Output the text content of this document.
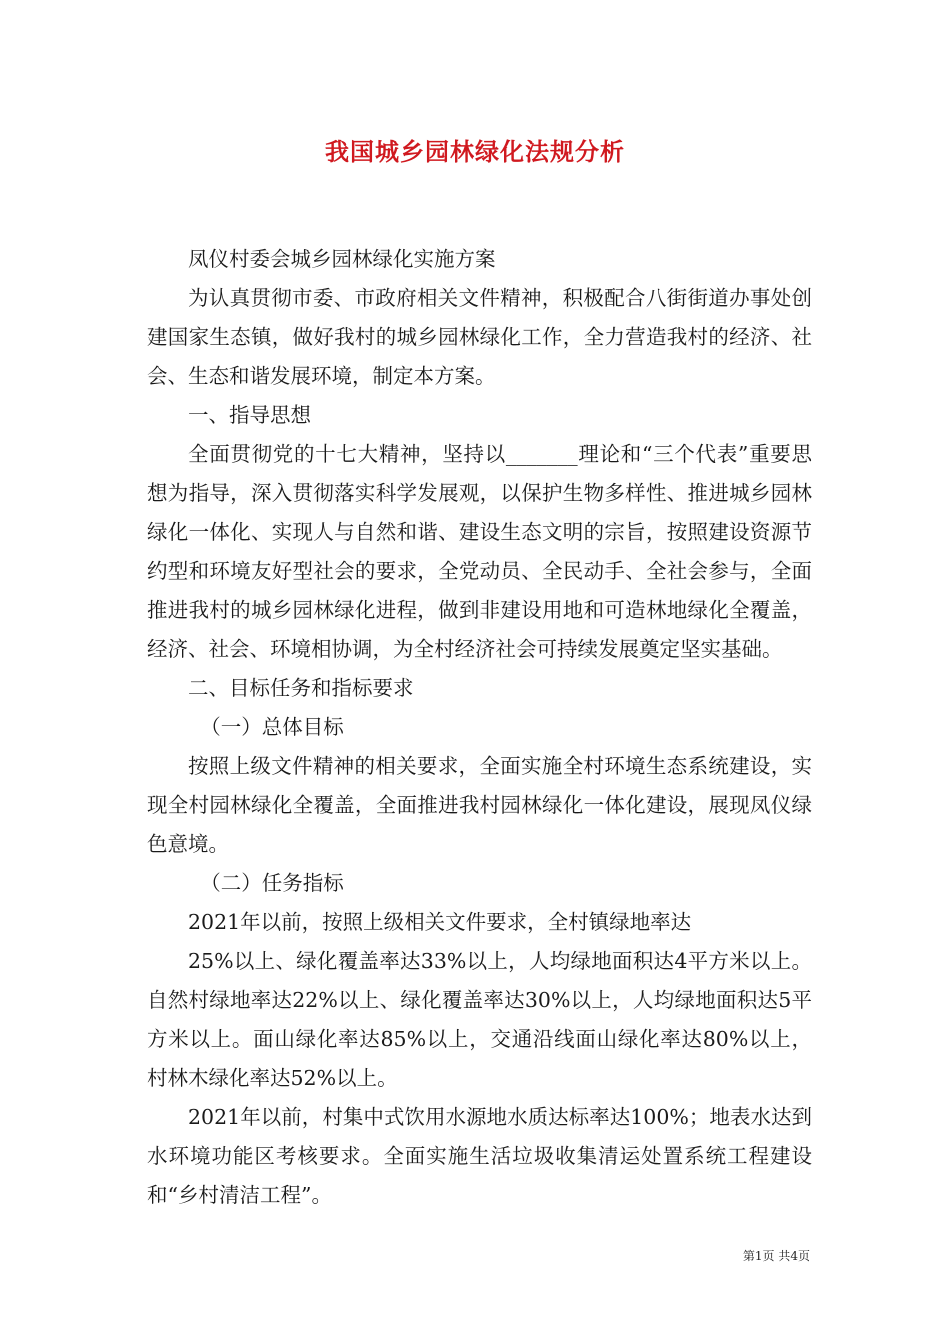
我国城乡园林绿化法规分析

凤仪村委会城乡园林绿化实施方案

为认真贯彻市委、市政府相关文件精神，积极配合八街街道办事处创建国家生态镇，做好我村的城乡园林绿化工作，全力营造我村的经济、社会、生态和谐发展环境，制定本方案。

一、指导思想

全面贯彻党的十七大精神，坚持以_______理论和“三个代表”重要思想为指导，深入贯彻落实科学发展观，以保护生物多样性、推进城乡园林绿化一体化、实现人与自然和谐、建设生态文明的宗旨，按照建设资源节约型和环境友好型社会的要求，全党动员、全民动手、全社会参与，全面推进我村的城乡园林绿化进程，做到非建设用地和可造林地绿化全覆盖，经济、社会、环境相协调，为全村经济社会可持续发展奠定坚实基础。

二、目标任务和指标要求

（一）总体目标

按照上级文件精神的相关要求，全面实施全村环境生态系统建设，实现全村园林绿化全覆盖，全面推进我村园林绿化一体化建设，展现凤仪绿色意境。

（二）任务指标

2021年以前，按照上级相关文件要求，全村镇绿地率达

25%以上、绿化覆盖率达33%以上，人均绿地面积达4平方米以上。自然村绿地率达22%以上、绿化覆盖率达30%以上，人均绿地面积达5平方米以上。面山绿化率达85%以上，交通沿线面山绿化率达80%以上，村林木绿化率达52%以上。

2021年以前，村集中式饮用水源地水质达标率达100%；地表水达到水环境功能区考核要求。全面实施生活垃圾收集清运处置系统工程建设和“乡村清洁工程”。

第1页 共4页
